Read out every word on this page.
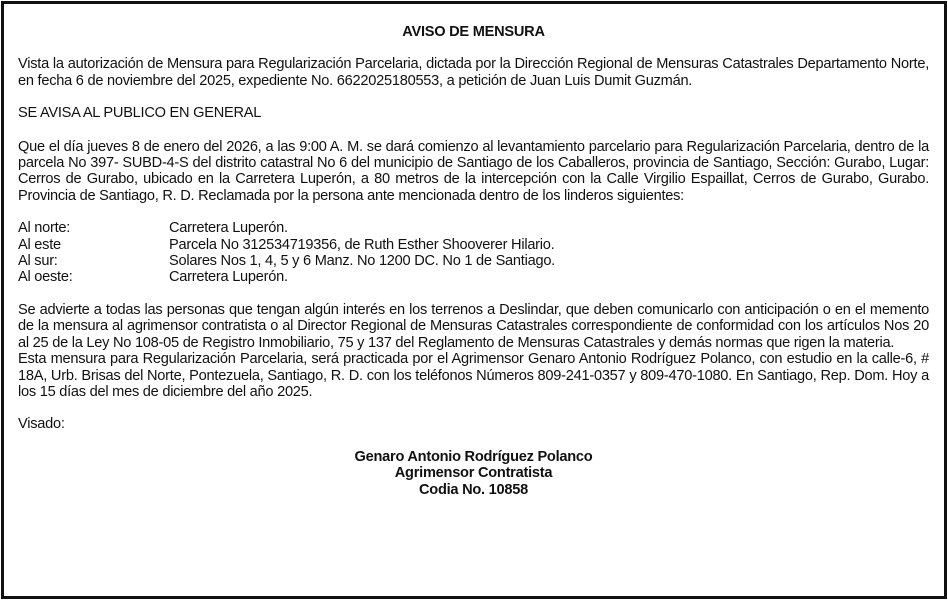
AVISO DE MENSURA
Vista la autorización de Mensura para Regularización Parcelaria, dictada por la Dirección Regional de Mensuras Catastrales Departamento Norte, en fecha 6 de noviembre del 2025, expediente No. 6622025180553, a petición de Juan Luis Dumit Guzmán.
SE AVISA AL PUBLICO EN GENERAL
Que el día jueves 8 de enero del 2026, a las 9:00 A. M. se dará comienzo al levantamiento parcelario para Regularización Parcelaria, dentro de la parcela No 397- SUBD-4-S del distrito catastral No 6 del municipio de Santiago de los Caballeros, provincia de Santiago, Sección: Gurabo, Lugar: Cerros de Gurabo, ubicado en la Carretera Luperón, a 80 metros de la intercepción con la Calle Virgilio Espaillat, Cerros de Gurabo, Gurabo. Provincia de Santiago, R. D. Reclamada por la persona ante mencionada dentro de los linderos siguientes:
Al norte:	Carretera Luperón.
Al este	Parcela No 312534719356, de Ruth Esther Shooverer Hilario.
Al sur:	Solares Nos 1, 4, 5 y 6 Manz. No 1200 DC. No 1 de Santiago.
Al oeste:	Carretera Luperón.
Se advierte a todas las personas que tengan algún interés en los terrenos a Deslindar, que deben comunicarlo con anticipación o en el memento de la mensura al agrimensor contratista o al Director Regional de Mensuras Catastrales correspondiente de conformidad con los artículos Nos 20 al 25 de la Ley No 108-05 de Registro Inmobiliario, 75 y 137 del Reglamento de Mensuras Catastrales y demás normas que rigen la materia.
Esta mensura para Regularización Parcelaria, será practicada por el Agrimensor Genaro Antonio Rodríguez Polanco, con estudio en la calle-6, # 18A, Urb. Brisas del Norte, Pontezuela, Santiago, R. D. con los teléfonos Números 809-241-0357 y 809-470-1080. En Santiago, Rep. Dom. Hoy a los 15 días del mes de diciembre del año 2025.
Visado:
Genaro Antonio Rodríguez Polanco
Agrimensor Contratista
Codia No. 10858
